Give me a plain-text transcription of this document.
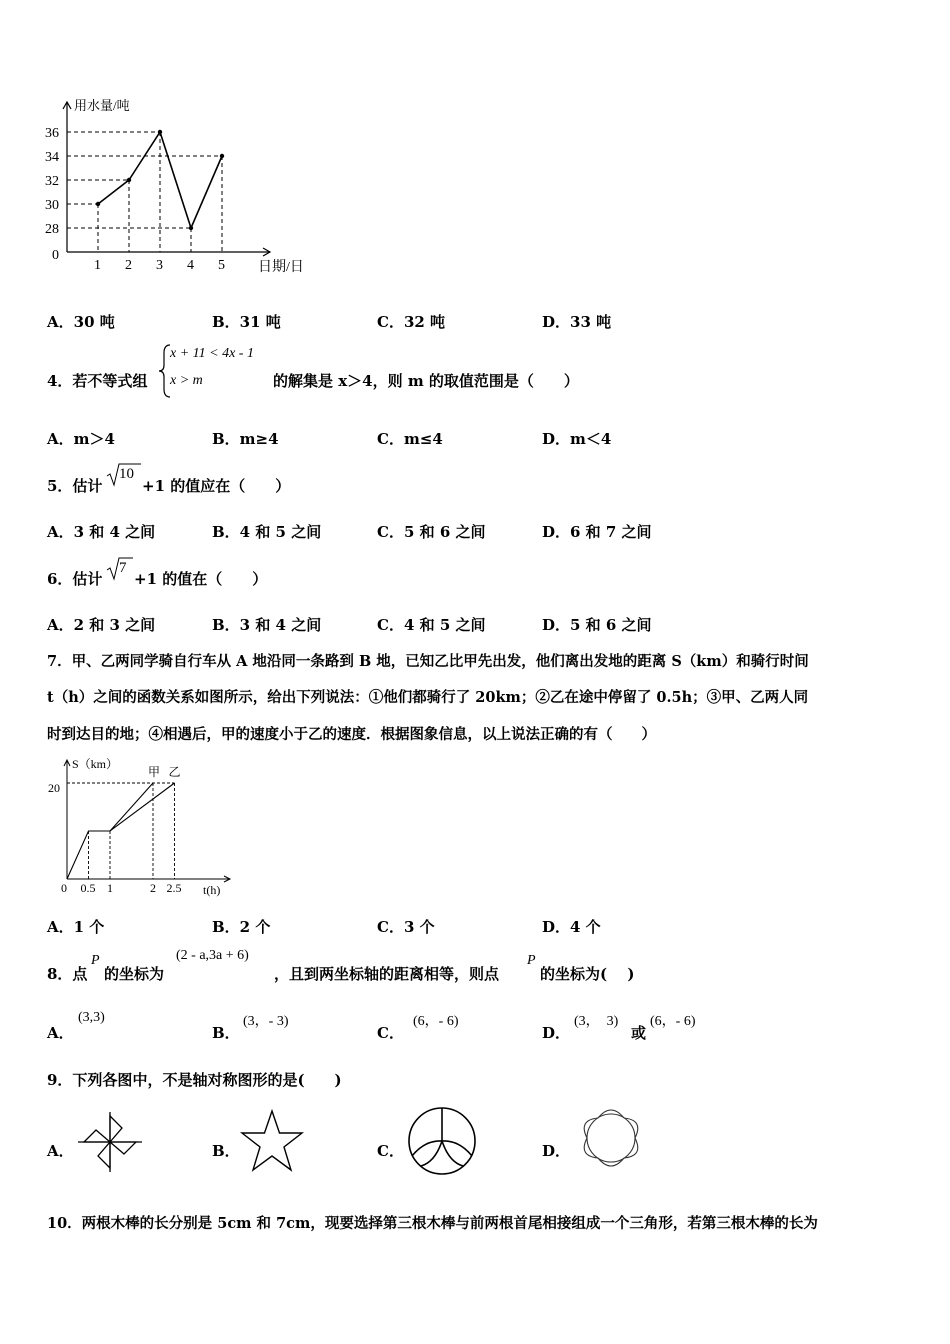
28
30
32
34
36
1 2 3 4 5
用水量/吨
日期/日
0
A．30 吨	B．31 吨	C．32 吨	D．33 吨
4．若不等式组
x + 11 < 4x - 1
x > m	的解集是 x＞4，则 m 的取值范围是（　　）
A．m＞4	B．m≥4	C．m≤4	D．m＜4
5．估计
10
+1 的值应在（　　）
A．3 和 4 之间	B．4 和 5 之间	C．5 和 6 之间	D．6 和 7 之间
6．估计
7
+1 的值在（　　）
A．2 和 3 之间	B．3 和 4 之间	C．4 和 5 之间	D．5 和 6 之间
7．甲、乙两同学骑自行车从 A 地沿同一条路到 B 地，已知乙比甲先出发，他们离出发地的距离 S（km）和骑行时间
t（h）之间的函数关系如图所示，给出下列说法：①他们都骑行了 20km；②乙在途中停留了 0.5h；③甲、乙两人同
时到达目的地；④相遇后，甲的速度小于乙的速度．根据图象信息，以上说法正确的有（　　）
0.5 1	2 2.5
甲 乙
S（km）
t(h)
0
20
A．1 个	B．2 个	C．3 个	D．4 个
8．点
P
的坐标为
(2 - a,3a + 6)
，且到两坐标轴的距离相等，则点
P
的坐标为(　 )
A．
(3,3)
B．
(3，- 3)
C．
(6，- 6)
D．
(3，　3)
或
(6，- 6)
9．下列各图中，不是轴对称图形的是(　　)
A．	B．	C．	D．
10．两根木棒的长分别是 5cm 和 7cm，现要选择第三根木棒与前两根首尾相接组成一个三角形，若第三根木棒的长为
